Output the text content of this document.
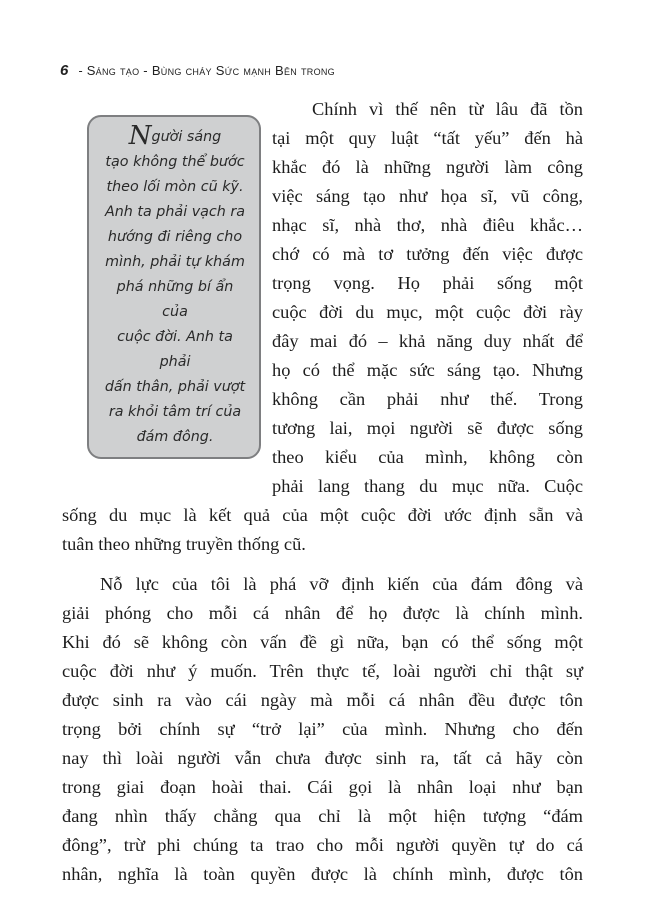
6 - Sáng tạo - Bùng cháy Sức mạnh Bên trong
Người sáng
tạo không thể bước
theo lối mòn cũ kỹ.
Anh ta phải vạch ra
hướng đi riêng cho
mình, phải tự khám
phá những bí ẩn của
cuộc đời. Anh ta phải
dấn thân, phải vượt
ra khỏi tâm trí của
đám đông.
Chính vì thế nên từ lâu đã tồn
tại một quy luật “tất yếu” đến hà
khắc đó là những người làm công
việc sáng tạo như họa sĩ, vũ công,
nhạc sĩ, nhà thơ, nhà điêu khắc…
chớ có mà tơ tưởng đến việc được
trọng vọng. Họ phải sống một
cuộc đời du mục, một cuộc đời rày
đây mai đó – khả năng duy nhất để
họ có thể mặc sức sáng tạo. Nhưng
không cần phải như thế. Trong
tương lai, mọi người sẽ được sống
theo kiểu của mình, không còn
phải lang thang du mục nữa. Cuộc
sống du mục là kết quả của một cuộc đời ước định sẵn và
tuân theo những truyền thống cũ.
Nỗ lực của tôi là phá vỡ định kiến của đám đông và
giải phóng cho mỗi cá nhân để họ được là chính mình.
Khi đó sẽ không còn vấn đề gì nữa, bạn có thể sống một
cuộc đời như ý muốn. Trên thực tế, loài người chỉ thật sự
được sinh ra vào cái ngày mà mỗi cá nhân đều được tôn
trọng bởi chính sự “trở lại” của mình. Nhưng cho đến
nay thì loài người vẫn chưa được sinh ra, tất cả hãy còn
trong giai đoạn hoài thai. Cái gọi là nhân loại như bạn
đang nhìn thấy chẳng qua chỉ là một hiện tượng “đám
đông”, trừ phi chúng ta trao cho mỗi người quyền tự do cá
nhân, nghĩa là toàn quyền được là chính mình, được tôn
